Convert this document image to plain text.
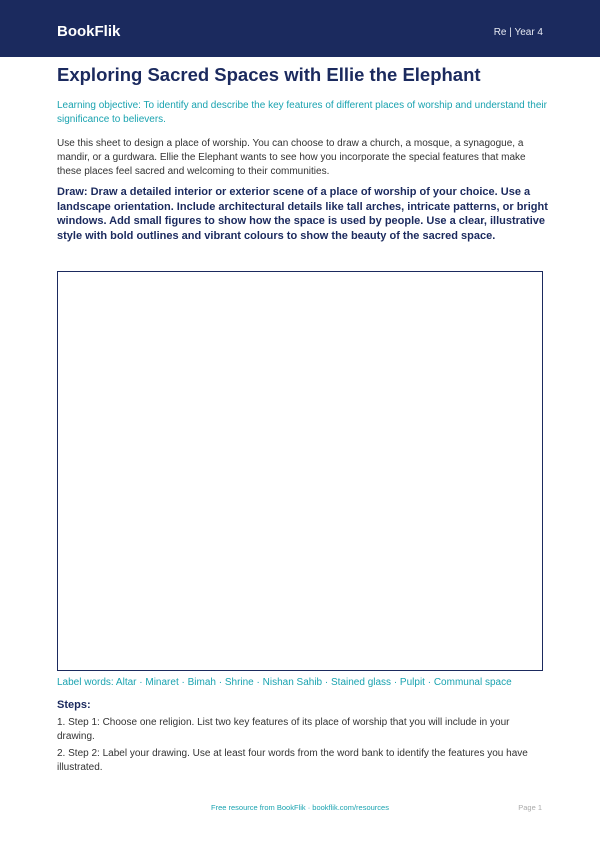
BookFlik	Re | Year 4
Exploring Sacred Spaces with Ellie the Elephant

Learning objective: To identify and describe the key features of different places of worship and understand their significance to believers.

Use this sheet to design a place of worship. You can choose to draw a church, a mosque, a synagogue, a mandir, or a gurdwara. Ellie the Elephant wants to see how you incorporate the special features that make these places feel sacred and welcoming to their communities.

Draw: Draw a detailed interior or exterior scene of a place of worship of your choice. Use a landscape orientation. Include architectural details like tall arches, intricate patterns, or bright windows. Add small figures to show how the space is used by people. Use a clear, illustrative style with bold outlines and vibrant colours to show the beauty of the sacred space.

Label words: Altar · Minaret · Bimah · Shrine · Nishan Sahib · Stained glass · Pulpit · Communal space

Steps:

1. Step 1: Choose one religion. List two key features of its place of worship that you will include in your drawing.
2. Step 2: Label your drawing. Use at least four words from the word bank to identify the features you have illustrated.
Free resource from BookFlik · bookflik.com/resources	Page 1
